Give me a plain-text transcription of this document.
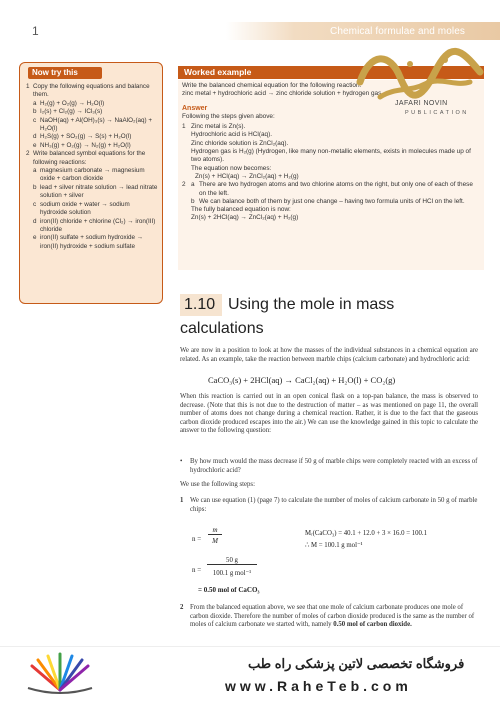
1	Chemical formulae and moles
Now try this
1 Copy the following equations and balance them.
a H₂(g) + O₂(g) → H₂O(l)
b I₂(s) + Cl₂(g) → ICl₃(s)
c NaOH(aq) + Al(OH)₃(s) → NaAlO₂(aq) + H₂O(l)
d H₂S(g) + SO₂(g) → S(s) + H₂O(l)
e NH₃(g) + O₂(g) → N₂(g) + H₂O(l)
2 Write balanced symbol equations for the following reactions:
a magnesium carbonate → magnesium oxide + carbon dioxide
b lead + silver nitrate solution → lead nitrate solution + silver
c sodium oxide + water → sodium hydroxide solution
d iron(II) chloride + chlorine (Cl₂) → iron(III) chloride
e iron(II) sulfate + sodium hydroxide → iron(II) hydroxide + sodium sulfate
Worked example
Write the balanced chemical equation for the following reaction:
zinc metal + hydrochloric acid → zinc chloride solution + hydrogen gas
Answer
Following the steps given above:
1 Zinc metal is Zn(s).
Hydrochloric acid is HCl(aq).
Zinc chloride solution is ZnCl₂(aq).
Hydrogen gas is H₂(g) (Hydrogen, like many non-metallic elements, exists in molecules made up of two atoms).
The equation now becomes:
Zn(s) + HCl(aq) → ZnCl₂(aq) + H₂(g)
2 a There are two hydrogen atoms and two chlorine atoms on the right, but only one of each of these on the left.
b We can balance both of them by just one change – having two formula units of HCl on the left.
The fully balanced equation is now:
Zn(s) + 2HCl(aq) → ZnCl₂(aq) + H₂(g)
JAFARI NOVIN
PUBLICATION
1.10 Using the mole in mass
calculations
We are now in a position to look at how the masses of the individual substances in a chemical equation are related. As an example, take the reaction between marble chips (calcium carbonate) and hydrochloric acid:
CaCO₃(s) + 2HCl(aq) → CaCl₂(aq) + H₂O(l) + CO₂(g)
When this reaction is carried out in an open conical flask on a top-pan balance, the mass is observed to decrease. (Note that this is not due to the destruction of matter – as was mentioned on page 11, the overall number of atoms does not change during a chemical reaction. Rather, it is due to the fact that the gaseous carbon dioxide produced escapes into the air.) We can use the knowledge gained in this topic to calculate the answer to the following question:
•	By how much would the mass decrease if 50 g of marble chips were completely reacted with an excess of hydrochloric acid?
We use the following steps:
1 We can use equation (1) (page 7) to calculate the number of moles of calcium carbonate in 50 g of marble chips:
n =
m
M
Mᵣ(CaCO₃) = 40.1 + 12.0 + 3 × 16.0 = 100.1
∴ M = 100.1 g mol⁻¹
n =
50 g
100.1 g mol⁻¹
= 0.50 mol of CaCO₃
2 From the balanced equation above, we see that one mole of calcium carbonate produces one mole of carbon dioxide. Therefore the number of moles of carbon dioxide produced is the same as the number of moles of calcium carbonate we started with, namely 0.50 mol of carbon dioxide.
فروشگاه تخصصی لاتین پزشکی راه طب
www.RaheTeb.com
